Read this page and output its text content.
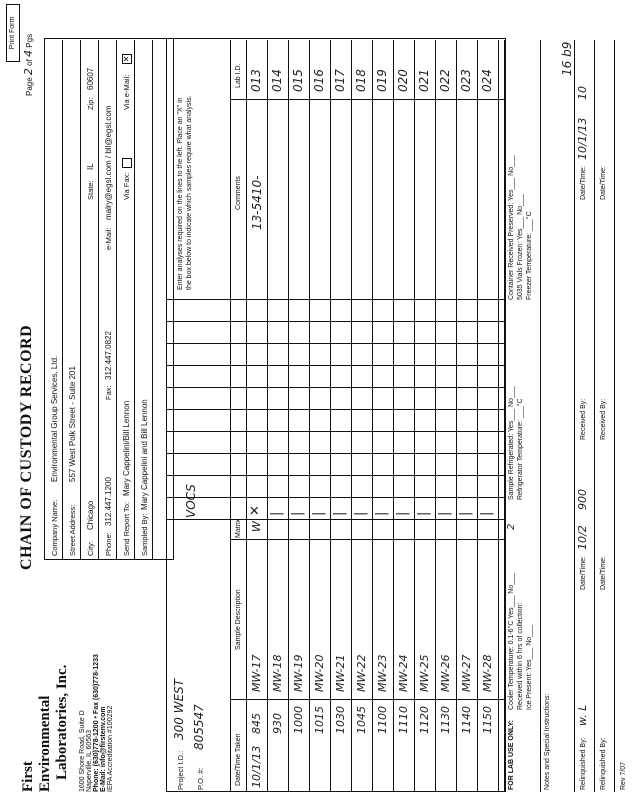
Print Form
Page 2 of 4 Pgs
16 b9
First Environmental Laboratories, Inc. 1600 Shore Road, Suite D Naperville, IL 60563 Phone: (630)778-1200 • Fax (630)778-1233 E-Mail: info@firstenv.com IEPA Accreditation #100292
CHAIN OF CUSTODY RECORD Company Name:
Environmental Group Services, Ltd.
Street Address:
557 West Polk Street - Suite 201
City:
Chicago
State:
IL
Zip:
60607
Phone:
312.447.1200
Fax:
312.447.0822
e-Mail:
malry@egsl.com / bll@egsl.com
Send Report To:
Mary Cappelini/Bill Lennon
Via Fax:
Via e-Mail:
✕
Sampled By:
Mary Cappelini and Bill Lennon
Enter analyses required on the lines to the left. Place an "X" in the box below to indicate which samples require what analysis.
Project I.D.:
300 WEST
P.O. #:
805547
VOCS
Date/Time Taken
Sample Description
Matrix
Comments
Lab I.D.
13-5410-
10/1/13
845
MW-17
W
✕
013
930
MW-18
|
014
1000
MW-19
|
015
1015
MW-20
|
016
1030
MW-21
|
017
1045
MW-22
|
018
1100
MW-23
|
019
1110
MW-24
|
020
1120
MW-25
|
021
1130
MW-26
|
022
1140
MW-27
|
023
1150
MW-28
|
024
FOR LAB USE ONLY:
Cooler Temperature: 0.1-6°C Yes___ No___ Received within 6 hrs of collection: Ice Present: Yes___ No___
Sample Refrigerated: Yes___ No___ Refrigerator Temperature: ___°C
Container Received Preserved: Yes___ No___ 5035 Vials Frozen: Yes___ No___ Freezer Temperature: ___°C
2
Notes and Special Instructions:	Relinquished By:
w. L
Relinquished By:
Date/Time:
10/2
900
Date/Time:
Received By: Received By:
Date/Time:
10/1/13
10
Date/Time:
Rev 7/07
